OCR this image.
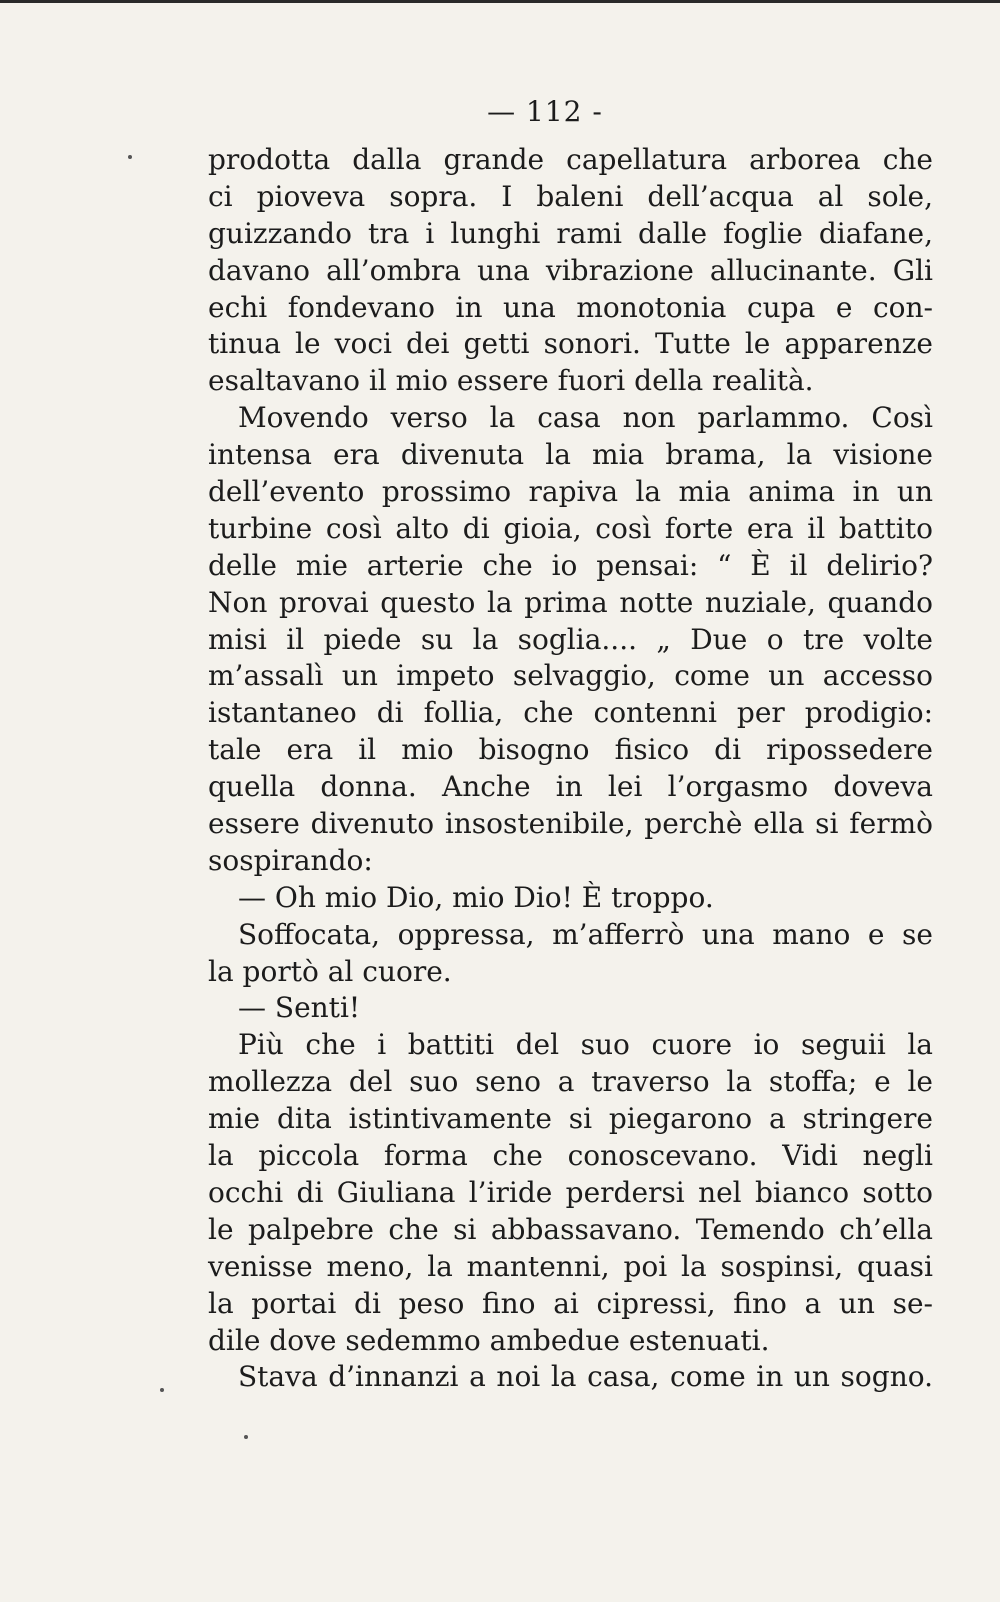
— 112 -
prodotta dalla grande capellatura arborea che
ci pioveva sopra. I baleni dell’acqua al sole,
guizzando tra i lunghi rami dalle foglie diafane,
davano all’ombra una vibrazione allucinante. Gli
echi fondevano in una monotonia cupa e con-
tinua le voci dei getti sonori. Tutte le apparenze
esaltavano il mio essere fuori della realità.
Movendo verso la casa non parlammo. Così
intensa era divenuta la mia brama, la visione
dell’evento prossimo rapiva la mia anima in un
turbine così alto di gioia, così forte era il battito
delle mie arterie che io pensai: “ È il delirio?
Non provai questo la prima notte nuziale, quando
misi il piede su la soglia.... „ Due o tre volte
m’assalì un impeto selvaggio, come un accesso
istantaneo di follia, che contenni per prodigio:
tale era il mio bisogno fisico di ripossedere
quella donna. Anche in lei l’orgasmo doveva
essere divenuto insostenibile, perchè ella si fermò
sospirando:
— Oh mio Dio, mio Dio! È troppo.
Soffocata, oppressa, m’afferrò una mano e se
la portò al cuore.
— Senti!
Più che i battiti del suo cuore io seguii la
mollezza del suo seno a traverso la stoffa; e le
mie dita istintivamente si piegarono a stringere
la piccola forma che conoscevano. Vidi negli
occhi di Giuliana l’iride perdersi nel bianco sotto
le palpebre che si abbassavano. Temendo ch’ella
venisse meno, la mantenni, poi la sospinsi, quasi
la portai di peso fino ai cipressi, fino a un se-
dile dove sedemmo ambedue estenuati.
Stava d’innanzi a noi la casa, come in un sogno.
